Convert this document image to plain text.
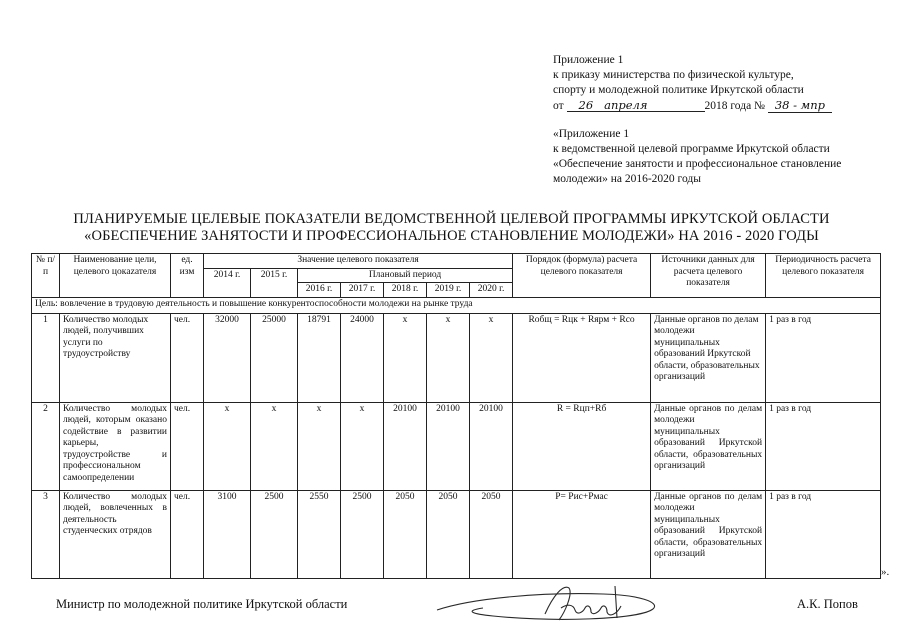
Приложение 1
к приказу министерства по физической культуре,
спорту и молодежной политике Иркутской области
от 26 апреля	2018 года № 38 - мпр
«Приложение 1
к ведомственной целевой программе Иркутской области
«Обеспечение занятости и профессиональное становление
молодежи» на 2016-2020 годы
ПЛАНИРУЕМЫЕ ЦЕЛЕВЫЕ ПОКАЗАТЕЛИ ВЕДОМСТВЕННОЙ ЦЕЛЕВОЙ ПРОГРАММЫ ИРКУТСКОЙ ОБЛАСТИ
«ОБЕСПЕЧЕНИЕ ЗАНЯТОСТИ И ПРОФЕССИОНАЛЬНОЕ СТАНОВЛЕНИЕ МОЛОДЕЖИ» НА 2016 - 2020 ГОДЫ
№ п/п	Наименование цели, целевого цокazателя	ед. изм	Значение целевого показателя							Порядок (формула) расчета целевого показателя	Источники данных для расчета целевого показателя	Периодичность расчета целевого показателя
			2014 г.	2015 г.	Плановый период							
					2016 г.	2017 г.	2018 г.	2019 г.	2020 г.			
Цель: вовлечение в трудовую деятельность и повышение конкурентоспособности молодежи на рынке труда												
1	Количество молодых людей, получивших услуги по трудоустройству	чел.	32000	25000	18791	24000	х	х	х	Rобщ = Rцк + Rярм + Rсо	Данные органов по делам молодежи муниципальных образований Иркутской области, образовательных организаций	1 раз в год
2	Количество молодых людей, которым оказано содействие в развитии карьеры, трудоустройстве и профессиональном самоопределении	чел.	х	х	х	х	20100	20100	20100	R = Rцп+Rб	Данные органов по делам молодежи муниципальных образований Иркутской области, образовательных организаций	1 раз в год
3	Количество молодых людей, вовлеченных в деятельность студенческих отрядов	чел.	3100	2500	2550	2500	2050	2050	2050	P= Рис+Рмас	Данные органов по делам молодежи муниципальных образований Иркутской области, образовательных организаций	1 раз в год
».
Министр по молодежной политике Иркутской области	А.К. Попов
